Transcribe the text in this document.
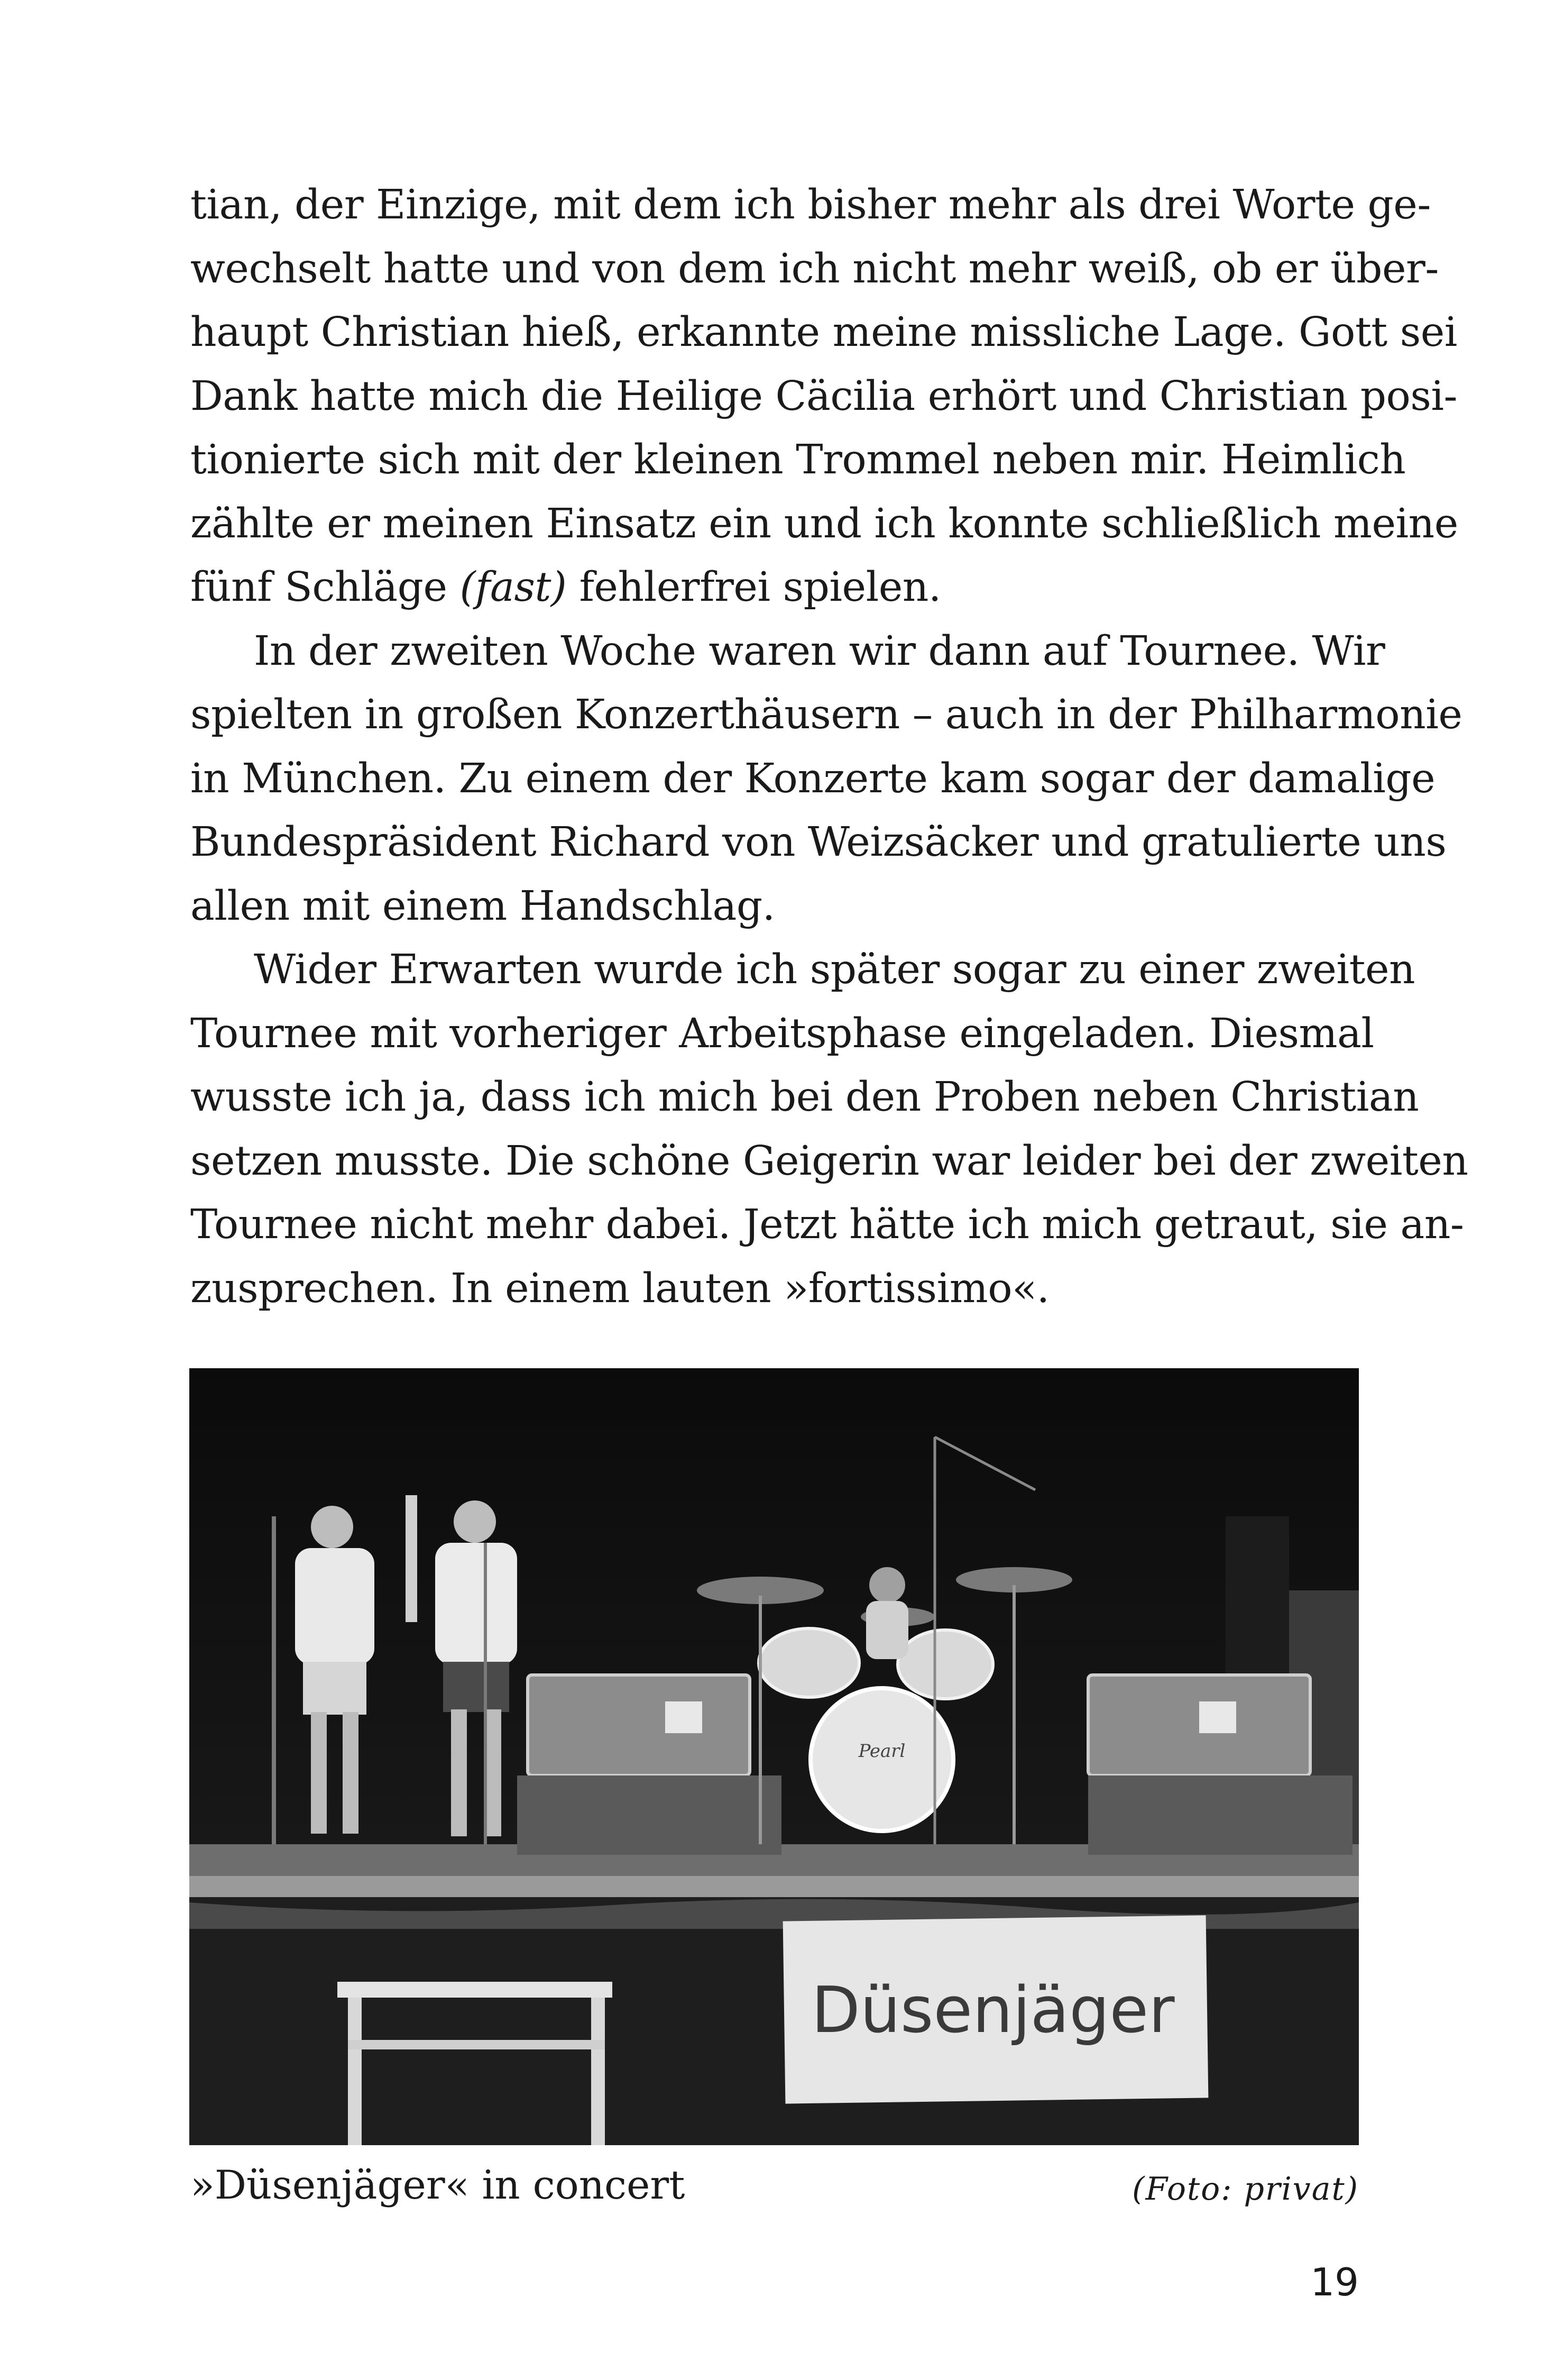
tian, der Einzige, mit dem ich bisher mehr als drei Worte ge-
wechselt hatte und von dem ich nicht mehr weiß, ob er über-
haupt Christian hieß, erkannte meine missliche Lage. Gott sei
Dank hatte mich die Heilige Cäcilia erhört und Christian posi-
tionierte sich mit der kleinen Trommel neben mir. Heimlich
zählte er meinen Einsatz ein und ich konnte schließlich meine
fünf Schläge (fast) fehlerfrei spielen.
In der zweiten Woche waren wir dann auf Tournee. Wir
spielten in großen Konzerthäusern – auch in der Philharmonie
in München. Zu einem der Konzerte kam sogar der damalige
Bundespräsident Richard von Weizsäcker und gratulierte uns
allen mit einem Handschlag.
Wider Erwarten wurde ich später sogar zu einer zweiten
Tournee mit vorheriger Arbeitsphase eingeladen. Diesmal
wusste ich ja, dass ich mich bei den Proben neben Christian
setzen musste. Die schöne Geigerin war leider bei der zweiten
Tournee nicht mehr dabei. Jetzt hätte ich mich getraut, sie an-
zusprechen. In einem lauten »fortissimo«.
Pearl
Düsenjäger
»Düsenjäger« in concert	(Foto: privat)
19
